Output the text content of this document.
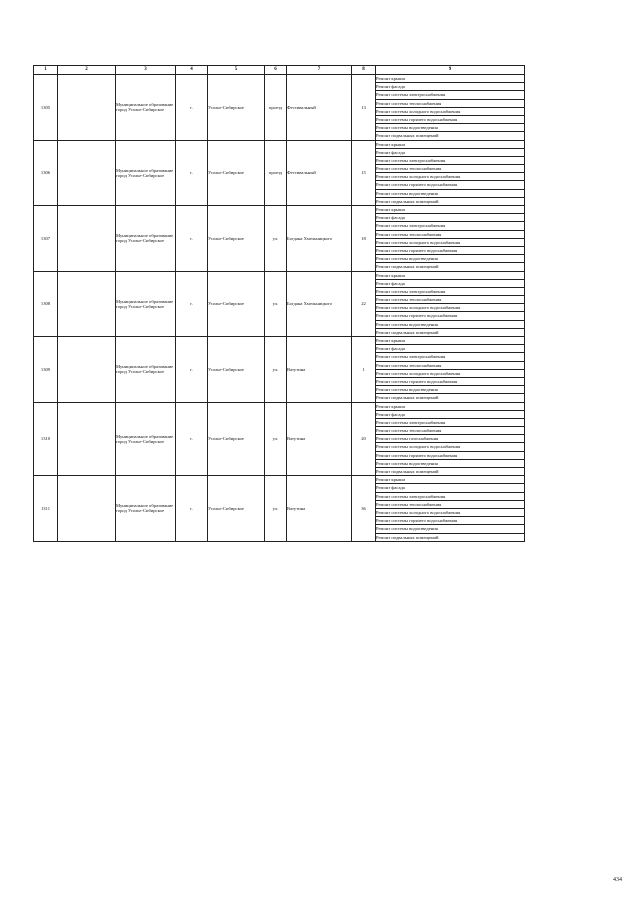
1	2	3	4	5	6	7	8	9
1305		Муниципальное образование город Усолье-Сибирское	г.	Усолье-Сибирское	проезд	Фестивальный	13	Ремонт крыши
								Ремонт фасада
								Ремонт системы электроснабжения
								Ремонт системы теплоснабжения
								Ремонт системы холодного водоснабжения
								Ремонт системы горячего водоснабжения
								Ремонт системы водоотведения
								Ремонт подвальных помещений
1306		Муниципальное образование город Усолье-Сибирское	г.	Усолье-Сибирское	проезд	Фестивальный	15	Ремонт крыши
								Ремонт фасада
								Ремонт системы электроснабжения
								Ремонт системы теплоснабжения
								Ремонт системы холодного водоснабжения
								Ремонт системы горячего водоснабжения
								Ремонт системы водоотведения
								Ремонт подвальных помещений
1307		Муниципальное образование город Усолье-Сибирское	г.	Усолье-Сибирское	ул.	Богдана Хмельницкого	18	Ремонт крыши
								Ремонт фасада
								Ремонт системы электроснабжения
								Ремонт системы теплоснабжения
								Ремонт системы холодного водоснабжения
								Ремонт системы горячего водоснабжения
								Ремонт системы водоотведения
								Ремонт подвальных помещений
1308		Муниципальное образование город Усолье-Сибирское	г.	Усолье-Сибирское	ул.	Богдана Хмельницкого	22	Ремонт крыши
								Ремонт фасада
								Ремонт системы электроснабжения
								Ремонт системы теплоснабжения
								Ремонт системы холодного водоснабжения
								Ремонт системы горячего водоснабжения
								Ремонт системы водоотведения
								Ремонт подвальных помещений
1309		Муниципальное образование город Усолье-Сибирское	г.	Усолье-Сибирское	ул.	Ватутина	1	Ремонт крыши
								Ремонт фасада
								Ремонт системы электроснабжения
								Ремонт системы теплоснабжения
								Ремонт системы холодного водоснабжения
								Ремонт системы горячего водоснабжения
								Ремонт системы водоотведения
								Ремонт подвальных помещений
1310		Муниципальное образование город Усолье-Сибирское	г.	Усолье-Сибирское	ул.	Ватутина	20	Ремонт крыши
								Ремонт фасада
								Ремонт системы электроснабжения
								Ремонт системы теплоснабжения
								Ремонт системы газоснабжения
								Ремонт системы холодного водоснабжения
								Ремонт системы горячего водоснабжения
								Ремонт системы водоотведения
								Ремонт подвальных помещений
1311		Муниципальное образование город Усолье-Сибирское	г.	Усолье-Сибирское	ул.	Ватутина	36	Ремонт крыши
								Ремонт фасада
								Ремонт системы электроснабжения
								Ремонт системы теплоснабжения
								Ремонт системы холодного водоснабжения
								Ремонт системы горячего водоснабжения
								Ремонт системы водоотведения
								Ремонт подвальных помещений
434
